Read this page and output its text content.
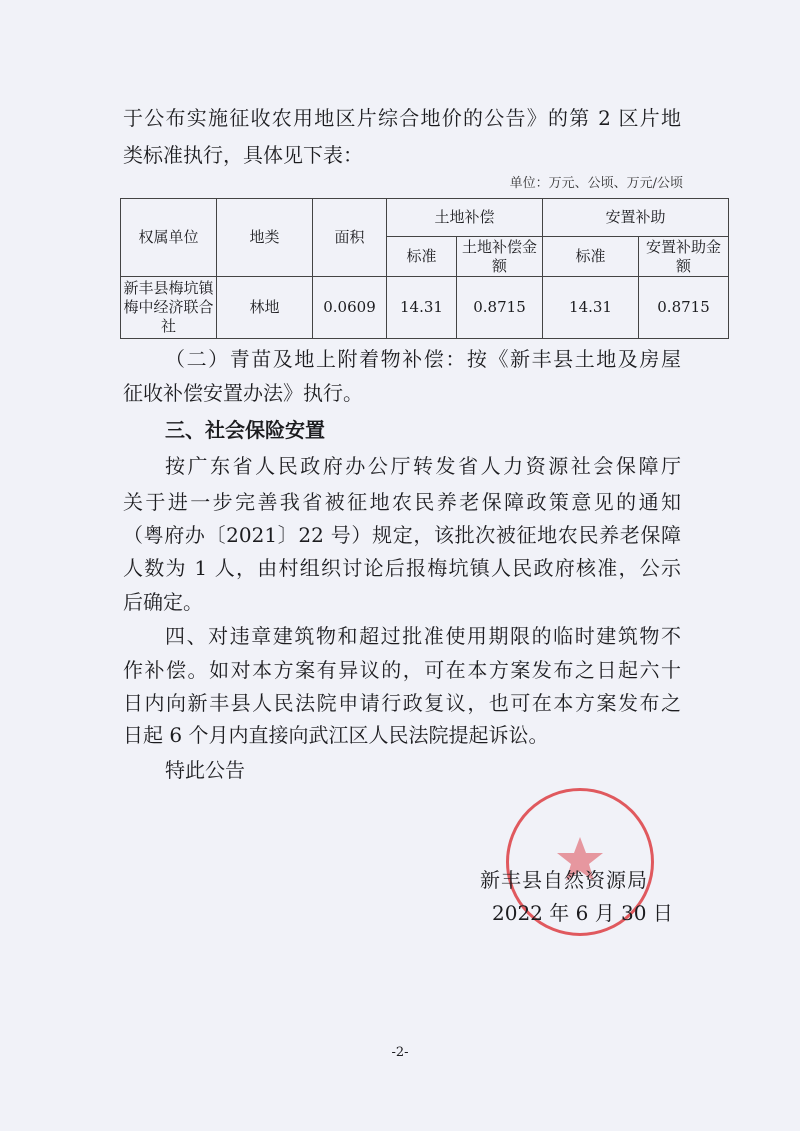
于公布实施征收农用地区片综合地价的公告》的第 2 区片地
类标准执行，具体见下表：
单位：万元、公顷、万元/公顷
权属单位	地类	面积	土地补偿		安置补助	
			标准	土地补偿金额	标准	安置补助金额
新丰县梅坑镇梅中经济联合社	林地	0.0609	14.31	0.8715	14.31	0.8715
（二）青苗及地上附着物补偿：按《新丰县土地及房屋
征收补偿安置办法》执行。
三、社会保险安置
按广东省人民政府办公厅转发省人力资源社会保障厅
关于进一步完善我省被征地农民养老保障政策意见的通知
（粤府办〔2021〕22 号）规定，该批次被征地农民养老保障
人数为 1 人，由村组织讨论后报梅坑镇人民政府核准，公示
后确定。
四、对违章建筑物和超过批准使用期限的临时建筑物不
作补偿。如对本方案有异议的，可在本方案发布之日起六十
日内向新丰县人民法院申请行政复议，也可在本方案发布之
日起 6 个月内直接向武江区人民法院提起诉讼。
特此公告
新丰县自然资源局
2022 年 6 月 30 日
-2-
